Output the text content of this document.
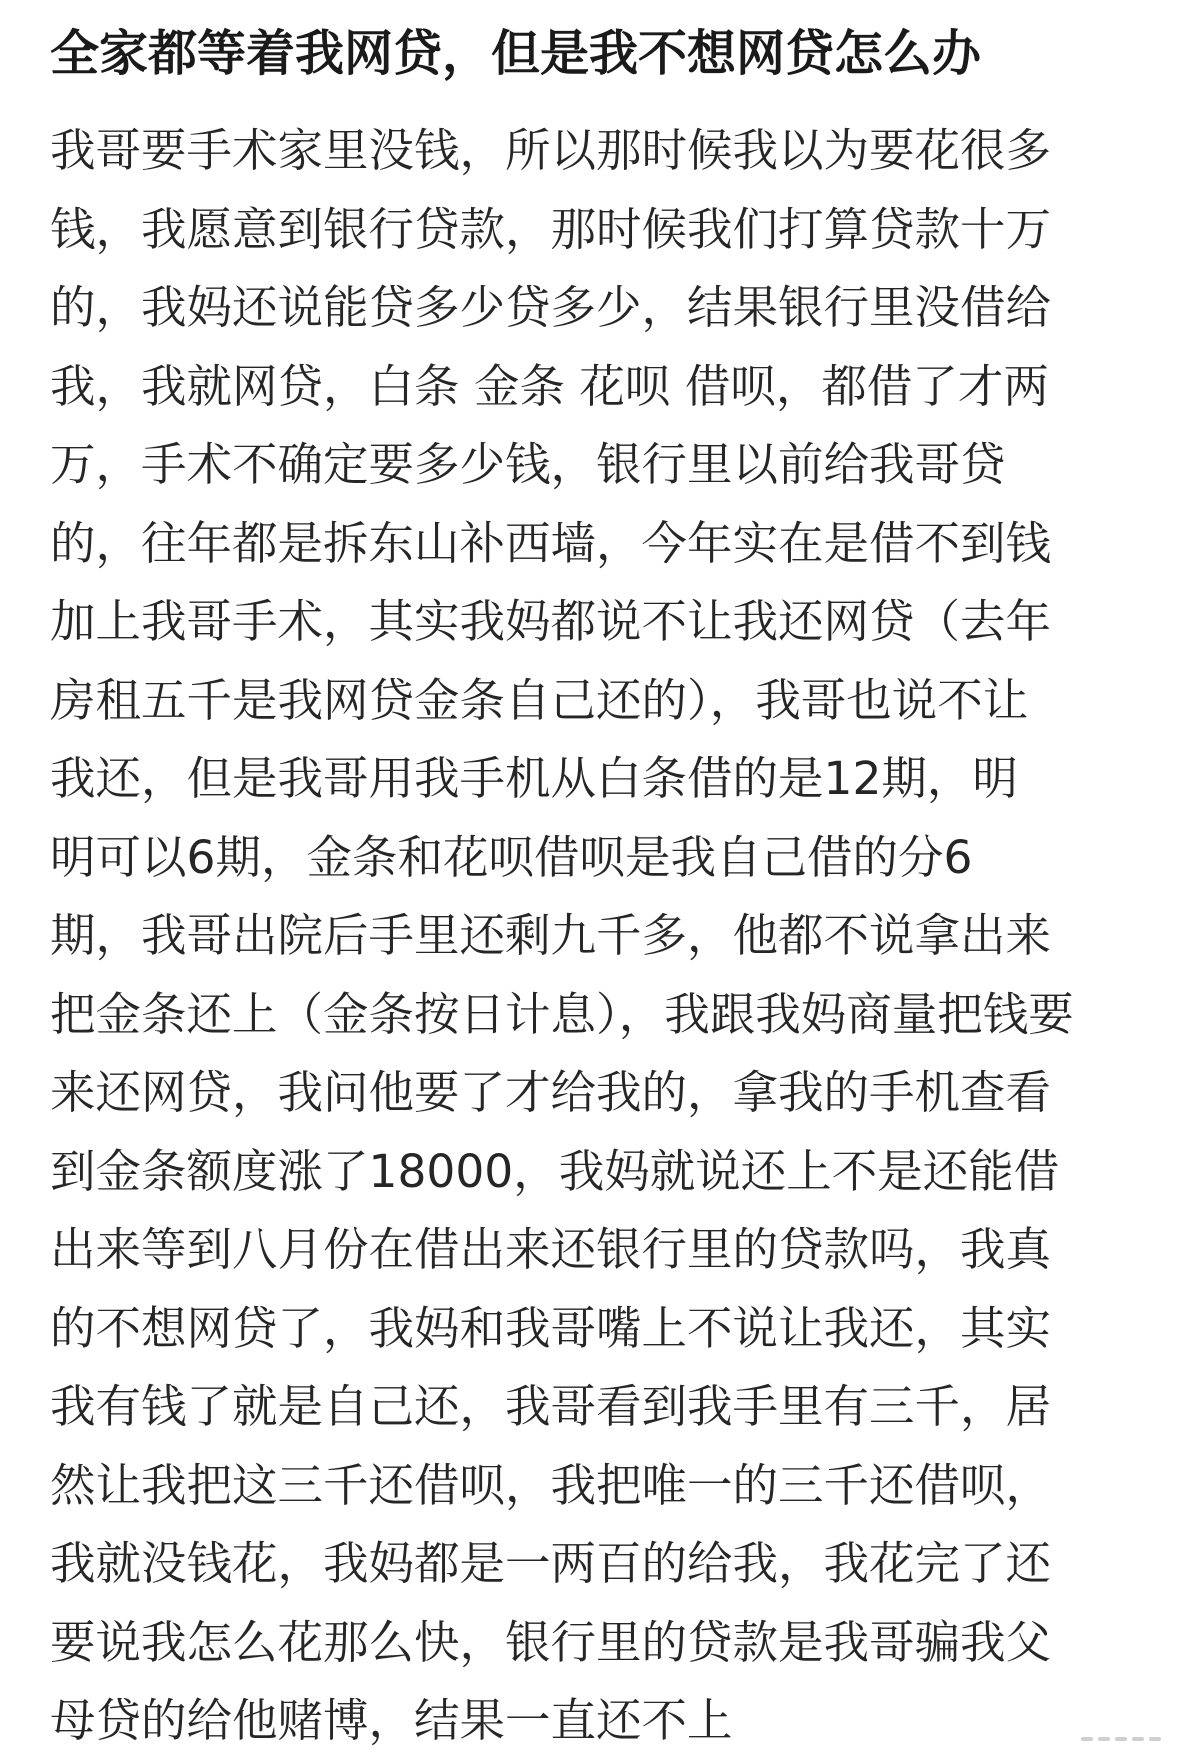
全家都等着我网贷，但是我不想网贷怎么办
我哥要手术家里没钱，所以那时候我以为要花很多
钱，我愿意到银行贷款，那时候我们打算贷款十万
的，我妈还说能贷多少贷多少，结果银行里没借给
我，我就网贷，白条 金条 花呗 借呗，都借了才两
万，手术不确定要多少钱，银行里以前给我哥贷
的，往年都是拆东山补西墙，今年实在是借不到钱
加上我哥手术，其实我妈都说不让我还网贷（去年
房租五千是我网贷金条自己还的），我哥也说不让
我还，但是我哥用我手机从白条借的是12期，明
明可以6期，金条和花呗借呗是我自己借的分6
期，我哥出院后手里还剩九千多，他都不说拿出来
把金条还上（金条按日计息），我跟我妈商量把钱要
来还网贷，我问他要了才给我的，拿我的手机查看
到金条额度涨了18000，我妈就说还上不是还能借
出来等到八月份在借出来还银行里的贷款吗，我真
的不想网贷了，我妈和我哥嘴上不说让我还，其实
我有钱了就是自己还，我哥看到我手里有三千，居
然让我把这三千还借呗，我把唯一的三千还借呗，
我就没钱花，我妈都是一两百的给我，我花完了还
要说我怎么花那么快，银行里的贷款是我哥骗我父
母贷的给他赌博，结果一直还不上
